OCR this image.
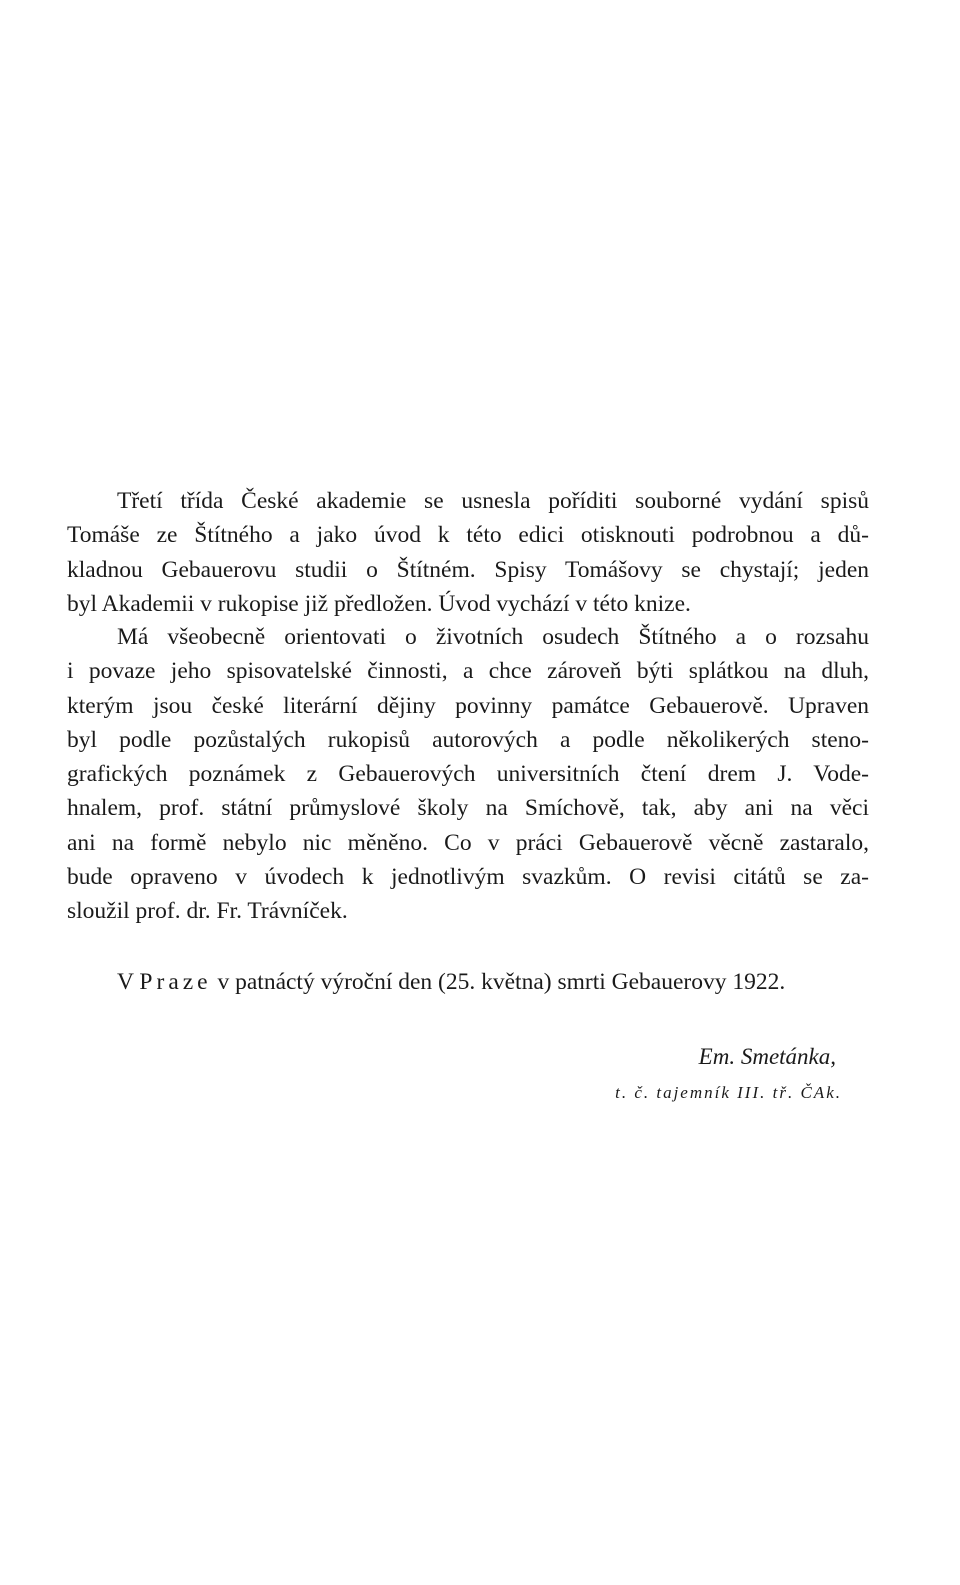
Třetí třída České akademie se usnesla poříditi souborné vydání spisů
Tomáše ze Štítného a jako úvod k této edici otisknouti podrobnou a dů-
kladnou Gebauerovu studii o Štítném. Spisy Tomášovy se chystají; jeden
byl Akademii v rukopise již předložen. Úvod vychází v této knize.
Má všeobecně orientovati o životních osudech Štítného a o rozsahu
i povaze jeho spisovatelské činnosti, a chce zároveň býti splátkou na dluh,
kterým jsou české literární dějiny povinny památce Gebauerově. Upraven
byl podle pozůstalých rukopisů autorových a podle několikerých steno-
grafických poznámek z Gebauerových universitních čtení drem J. Vode-
hnalem, prof. státní průmyslové školy na Smíchově, tak, aby ani na věci
ani na formě nebylo nic měněno. Co v práci Gebauerově věcně zastaralo,
bude opraveno v úvodech k jednotlivým svazkům. O revisi citátů se za-
sloužil prof. dr. Fr. Trávníček.
V Praze v patnáctý výroční den (25. května) smrti Gebauerovy 1922.
Em. Smetánka,
t. č. tajemník III. tř. ČAk.
